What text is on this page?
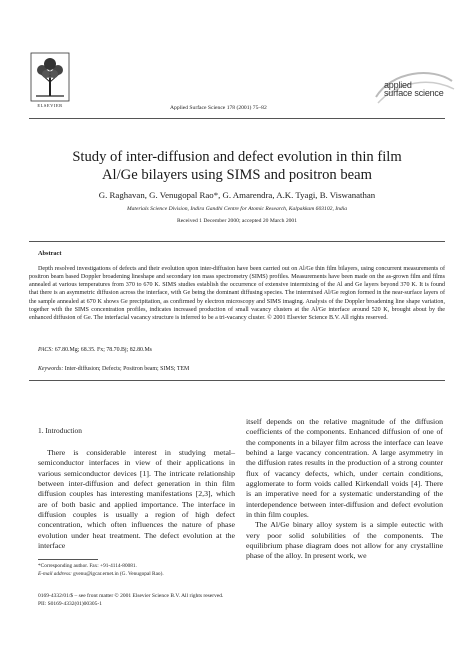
ELSEVIER	Applied Surface Science 178 (2001) 75–82
applied
surface science
Study of inter-diffusion and defect evolution in thin film
Al/Ge bilayers using SIMS and positron beam
G. Raghavan, G. Venugopal Rao*, G. Amarendra, A.K. Tyagi, B. Viswanathan
Materials Science Division, Indira Gandhi Centre for Atomic Research, Kalpakkam 603102, India
Received 1 December 2000; accepted 20 March 2001
Abstract
Depth resolved investigations of defects and their evolution upon inter-diffusion have been carried out on Al/Ge thin film bilayers, using concurrent measurements of positron beam based Doppler broadening lineshape and secondary ion mass spectrometry (SIMS) profiles. Measurements have been made on the as-grown film and films annealed at various temperatures from 370 to 670 K. SIMS studies establish the occurrence of extensive intermixing of the Al and Ge layers beyond 370 K. It is found that there is an asymmetric diffusion across the interface, with Ge being the dominant diffusing species. The intermixed Al/Ge region formed in the near-surface layers of the sample annealed at 670 K shows Ge precipitation, as confirmed by electron microscopy and SIMS imaging. Analysis of the Doppler broadening line shape variation, together with the SIMS concentration profiles, indicates increased production of small vacancy clusters at the Al/Ge interface around 520 K, brought about by the enhanced diffusion of Ge. The interfacial vacancy structure is inferred to be a tri-vacancy cluster. © 2001 Elsevier Science B.V. All rights reserved.
PACS: 67.80.Mg; 68.35. Fx; 78.70.Bj; 82.80.Ms
Keywords: Inter-diffusion; Defects; Positron beam; SIMS; TEM
1. Introduction
There is considerable interest in studying metal–semiconductor interfaces in view of their applications in various semiconductor devices [1]. The intricate relationship between inter-diffusion and defect generation in thin film diffusion couples has interesting manifestations [2,3], which are of both basic and applied importance. The interface in diffusion couples is usually a region of high defect concentration, which often influences the nature of phase evolution under heat treatment. The defect evolution at the interface

itself depends on the relative magnitude of the diffusion coefficients of the components. Enhanced diffusion of one of the components in a bilayer film across the interface can leave behind a large vacancy concentration. A large asymmetry in the diffusion rates results in the production of a strong counter flux of vacancy defects, which, under certain conditions, agglomerate to form voids called Kirkendall voids [4]. There is an imperative need for a systematic understanding of the interdependence between inter-diffusion and defect evolution in thin film couples.

The Al/Ge binary alloy system is a simple eutectic with very poor solid solubilities of the components. The equilibrium phase diagram does not allow for any crystalline phase of the alloy. In present work, we

*Corresponding author. Fax: +91-4114-80081.
E-mail address: gvenu@igcar.ernet.in (G. Venugopal Rao).
0169-4332/01/$ – see front matter © 2001 Elsevier Science B.V. All rights reserved.
PII: S0169-4332(01)00305-1
